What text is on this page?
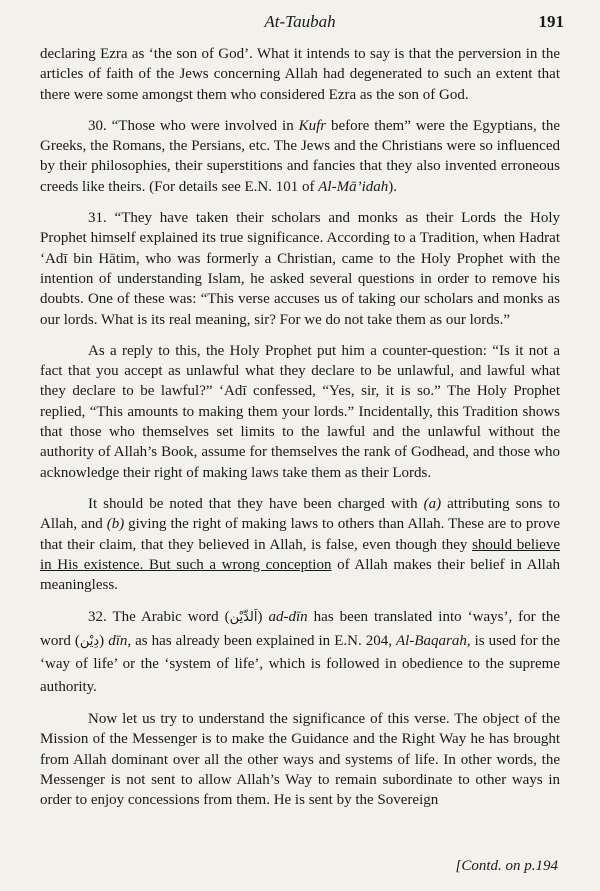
At-Taubah	191

declaring Ezra as ‘the son of God’. What it intends to say is that the perversion in the articles of faith of the Jews concerning Allah had degenerated to such an extent that there were some amongst them who considered Ezra as the son of God.

30. “Those who were involved in Kufr before them” were the Egyptians, the Greeks, the Romans, the Persians, etc. The Jews and the Christians were so influenced by their philosophies, their superstitions and fancies that they also invented erroneous creeds like theirs. (For details see E.N. 101 of Al-Mā’idah).

31. “They have taken their scholars and monks as their Lords the Holy Prophet himself explained its true significance. According to a Tradition, when Hadrat ‘Adī bin Hātim, who was formerly a Christian, came to the Holy Prophet with the intention of understanding Islam, he asked several questions in order to remove his doubts. One of these was: “This verse accuses us of taking our scholars and monks as our lords. What is its real meaning, sir? For we do not take them as our lords.”

As a reply to this, the Holy Prophet put him a counter-question: “Is it not a fact that you accept as unlawful what they declare to be unlawful, and lawful what they declare to be lawful?” ‘Adī confessed, “Yes, sir, it is so.” The Holy Prophet replied, “This amounts to making them your lords.” Incidentally, this Tradition shows that those who themselves set limits to the lawful and the unlawful without the authority of Allah’s Book, assume for themselves the rank of Godhead, and those who acknowledge their right of making laws take them as their Lords.

It should be noted that they have been charged with (a) attributing sons to Allah, and (b) giving the right of making laws to others than Allah. These are to prove that their claim, that they believed in Allah, is false, even though they should believe in His existence. But such a wrong conception of Allah makes their belief in Allah meaningless.

32. The Arabic word (اَلدِّيْن) ad-dīn has been translated into ‘ways’, for the word (دِيْن) dīn, as has already been explained in E.N. 204, Al-Baqarah, is used for the ‘way of life’ or the ‘system of life’, which is followed in obedience to the supreme authority.

Now let us try to understand the significance of this verse. The object of the Mission of the Messenger is to make the Guidance and the Right Way he has brought from Allah dominant over all the other ways and systems of life. In other words, the Messenger is not sent to allow Allah’s Way to remain subordinate to other ways in order to enjoy concessions from them. He is sent by the Sovereign

[Contd. on p.194
